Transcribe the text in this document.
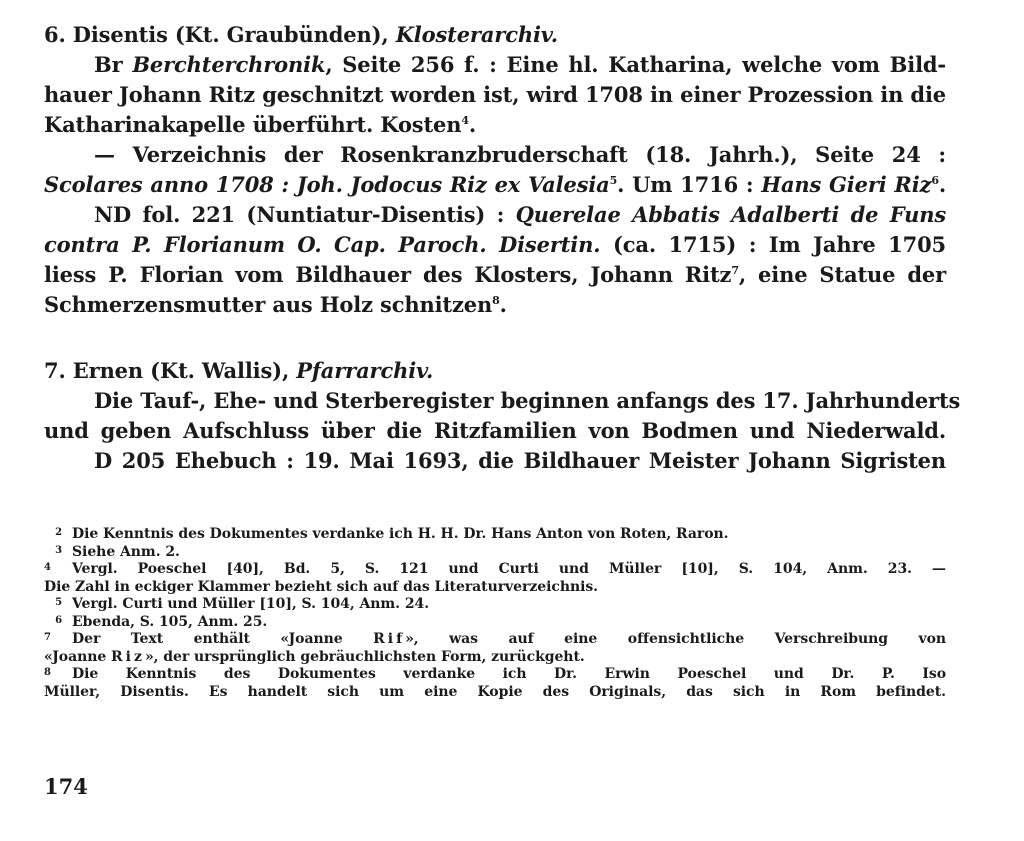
6. Disentis (Kt. Graubünden), Klosterarchiv.
Br Berchterchronik, Seite 256 f. : Eine hl. Katharina, welche vom Bild-
hauer Johann Ritz geschnitzt worden ist, wird 1708 in einer Prozession in die
Katharinakapelle überführt. Kosten$^4$.
— Verzeichnis der Rosenkranzbruderschaft (18. Jahrh.), Seite 24 :
Scolares anno 1708 : Joh. Jodocus Riz ex Valesia$^5$. Um 1716 : Hans Gieri Riz$^6$.
ND fol. 221 (Nuntiatur-Disentis) : Querelae Abbatis Adalberti de Funs
contra P. Florianum O. Cap. Paroch. Disertin. (ca. 1715) : Im Jahre 1705
liess P. Florian vom Bildhauer des Klosters, Johann Ritz$^7$, eine Statue der
Schmerzensmutter aus Holz schnitzen$^8$.
7. Ernen (Kt. Wallis), Pfarrarchiv.
Die Tauf-, Ehe- und Sterberegister beginnen anfangs des 17. Jahrhunderts
und geben Aufschluss über die Ritzfamilien von Bodmen und Niederwald.
D 205 Ehebuch : 19. Mai 1693, die Bildhauer Meister Johann Sigristen
2 Die Kenntnis des Dokumentes verdanke ich H. H. Dr. Hans Anton von Roten, Raron.
3 Siehe Anm. 2.
4 Vergl. Poeschel [40], Bd. 5, S. 121 und Curti und Müller [10], S. 104, Anm. 23. —
Die Zahl in eckiger Klammer bezieht sich auf das Literaturverzeichnis.
5 Vergl. Curti und Müller [10], S. 104, Anm. 24.
6 Ebenda, S. 105, Anm. 25.
7 Der Text enthält «Joanne Rif», was auf eine offensichtliche Verschreibung von
«Joanne Riz», der ursprünglich gebräuchlichsten Form, zurückgeht.
8 Die Kenntnis des Dokumentes verdanke ich Dr. Erwin Poeschel und Dr. P. Iso
Müller, Disentis. Es handelt sich um eine Kopie des Originals, das sich in Rom befindet.
174
